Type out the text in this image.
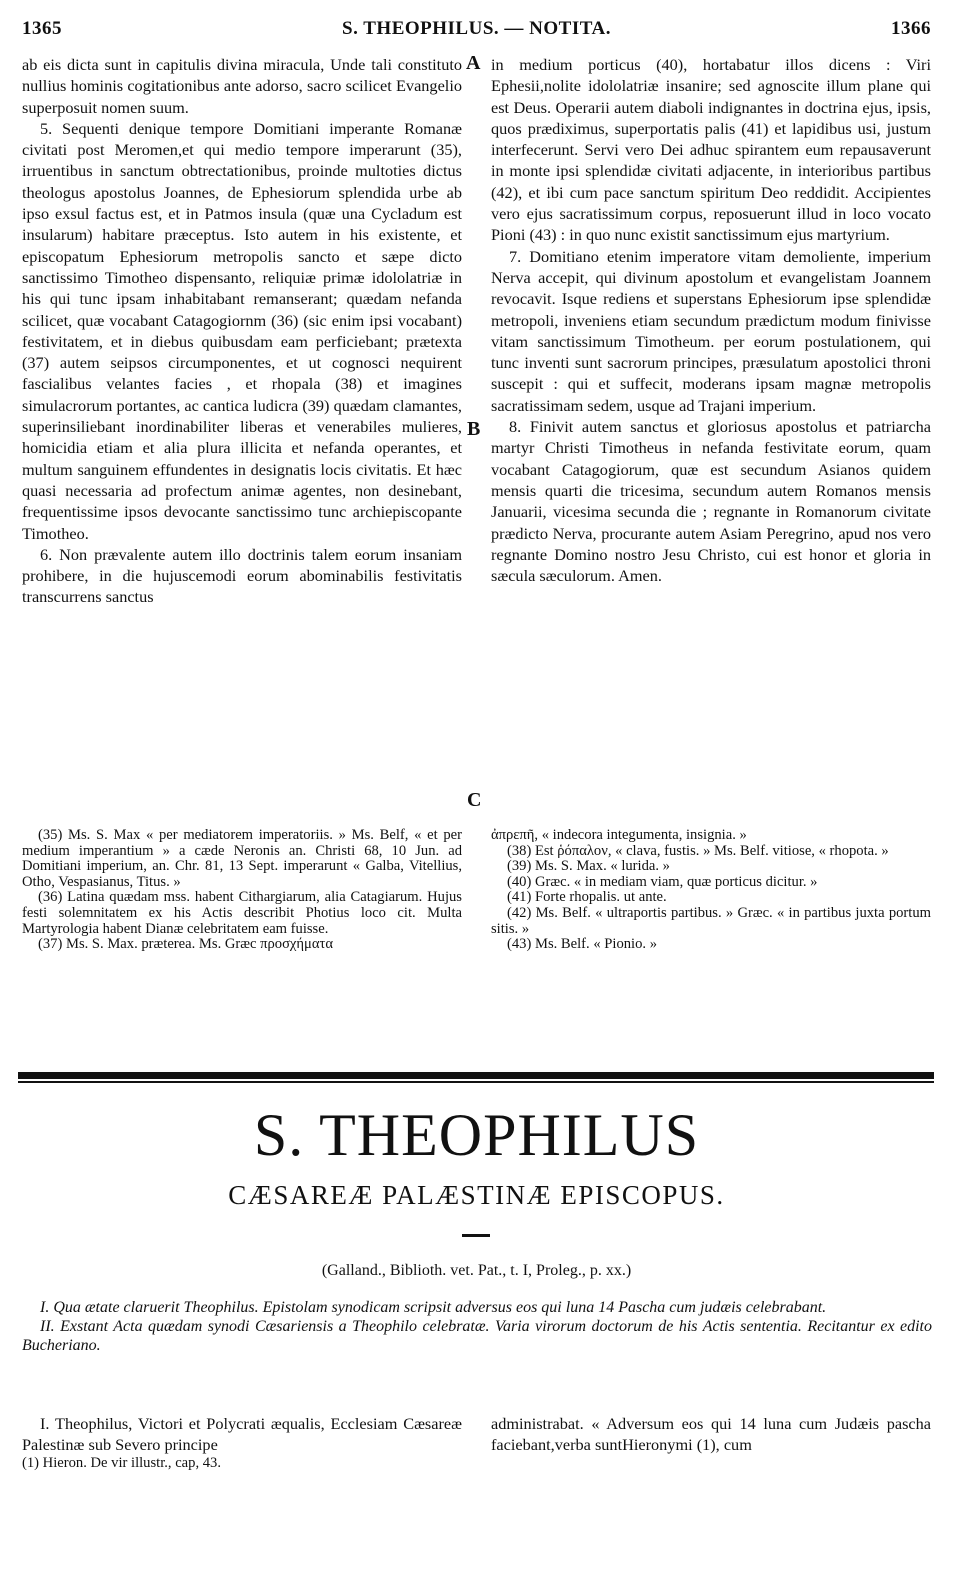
S. THEOPHILUS. — NOTITA.
1365	1366

ab eis dicta sunt in capitulis divina miracula, Unde tali constituto nullius hominis cogitationibus ante adorso, sacro scilicet Evangelio superposuit nomen suum.

5. Sequenti denique tempore Domitiani imperante Romanæ civitati post Meromen,et qui medio tempore imperarunt (35), irruentibus in sanctum obtrectationibus, proinde multoties dictus theologus apostolus Joannes, de Ephesiorum splendida urbe ab ipso exsul factus est, et in Patmos insula (quæ una Cycladum est insularum) habitare præceptus. Isto autem in his existente, et episcopatum Ephesiorum metropolis sancto et sæpe dicto sanctissimo Timotheo dispensanto, reliquiæ primæ idololatriæ in his qui tunc ipsam inhabitabant remanserant; quædam nefanda scilicet, quæ vocabant Catagogiornm (36) (sic enim ipsi vocabant) festivitatem, et in diebus quibusdam eam perficiebant; prætexta (37) autem seipsos circumponentes, et ut cognosci nequirent fascialibus velantes facies , et rhopala (38) et imagines simulacrorum portantes, ac cantica ludicra (39) quædam clamantes, superinsiliebant inordinabiliter liberas et venerabiles mulieres, homicidia etiam et alia plura illicita et nefanda operantes, et multum sanguinem effundentes in designatis locis civitatis. Et hæc quasi necessaria ad profectum animæ agentes, non desinebant, frequentissime ipsos devocante sanctissimo tunc archiepiscopante Timotheo.

6. Non prævalente autem illo doctrinis talem eorum insaniam prohibere, in die hujuscemodi eorum abominabilis festivitatis transcurrens sanctus

A
B
C

in medium porticus (40), hortabatur illos dicens : Viri Ephesii,nolite idololatriæ insanire; sed agnoscite illum plane qui est Deus. Operarii autem diaboli indignantes in doctrina ejus, ipsis, quos prædiximus, superportatis palis (41) et lapidibus usi, justum interfecerunt. Servi vero Dei adhuc spirantem eum repausaverunt in monte ipsi splendidæ civitati adjacente, in interioribus partibus (42), et ibi cum pace sanctum spiritum Deo reddidit. Accipientes vero ejus sacratissimum corpus, reposuerunt illud in loco vocato Pioni (43) : in quo nunc existit sanctissimum ejus martyrium.

7. Domitiano etenim imperatore vitam demoliente, imperium Nerva accepit, qui divinum apostolum et evangelistam Joannem revocavit. Isque rediens et superstans Ephesiorum ipse splendidæ metropoli, inveniens etiam secundum prædictum modum finivisse vitam sanctissimum Timotheum. per eorum postulationem, qui tunc inventi sunt sacrorum principes, præsulatum apostolici throni suscepit : qui et suffecit, moderans ipsam magnæ metropolis sacratissimam sedem, usque ad Trajani imperium.

8. Finivit autem sanctus et gloriosus apostolus et patriarcha martyr Christi Timotheus in nefanda festivitate eorum, quam vocabant Catagogiorum, quæ est secundum Asianos quidem mensis quarti die tricesima, secundum autem Romanos mensis Januarii, vicesima secunda die ; regnante in Romanorum civitate prædicto Nerva, procurante autem Asiam Peregrino, apud nos vero regnante Domino nostro Jesu Christo, cui est honor et gloria in sæcula sæculorum. Amen.

(35) Ms. S. Max « per mediatorem imperatoriis. » Ms. Belf, « et per medium imperantium » a cæde Neronis an. Christi 68, 10 Jun. ad Domitiani imperium, an. Chr. 81, 13 Sept. imperarunt « Galba, Vitellius, Otho, Vespasianus, Titus. »

(36) Latina quædam mss. habent Cithargiarum, alia Catagiarum. Hujus festi solemnitatem ex his Actis describit Photius loco cit. Multa Martyrologia habent Dianæ celebritatem eam fuisse.

(37) Ms. S. Max. præterea. Ms. Græc προσχήματα

ἀπρεπῆ, « indecora integumenta, insignia. »

(38) Est ῥόπαλον, « clava, fustis. » Ms. Belf. vitiose, « rhopota. »

(39) Ms. S. Max. « lurida. »

(40) Græc. « in mediam viam, quæ porticus dicitur. »

(41) Forte rhopalis. ut ante.

(42) Ms. Belf. « ultraportis partibus. » Græc. « in partibus juxta portum sitis. »

(43) Ms. Belf. « Pionio. »

S. THEOPHILUS
CÆSAREÆ PALÆSTINÆ EPISCOPUS.
(Galland., Biblioth. vet. Pat., t. I, Proleg., p. xx.)

I. Qua ætate claruerit Theophilus. Epistolam synodicam scripsit adversus eos qui luna 14 Pascha cum judæis celebrabant.

II. Exstant Acta quædam synodi Cæsariensis a Theophilo celebratæ. Varia virorum doctorum de his Actis sententia. Recitantur ex edito Bucheriano.

I. Theophilus, Victori et Polycrati æqualis, Ecclesiam Cæsareæ Palestinæ sub Severo principe

administrabat. « Adversum eos qui 14 luna cum Judæis pascha faciebant,verba suntHieronymi (1), cum

(1) Hieron. De vir illustr., cap, 43.
